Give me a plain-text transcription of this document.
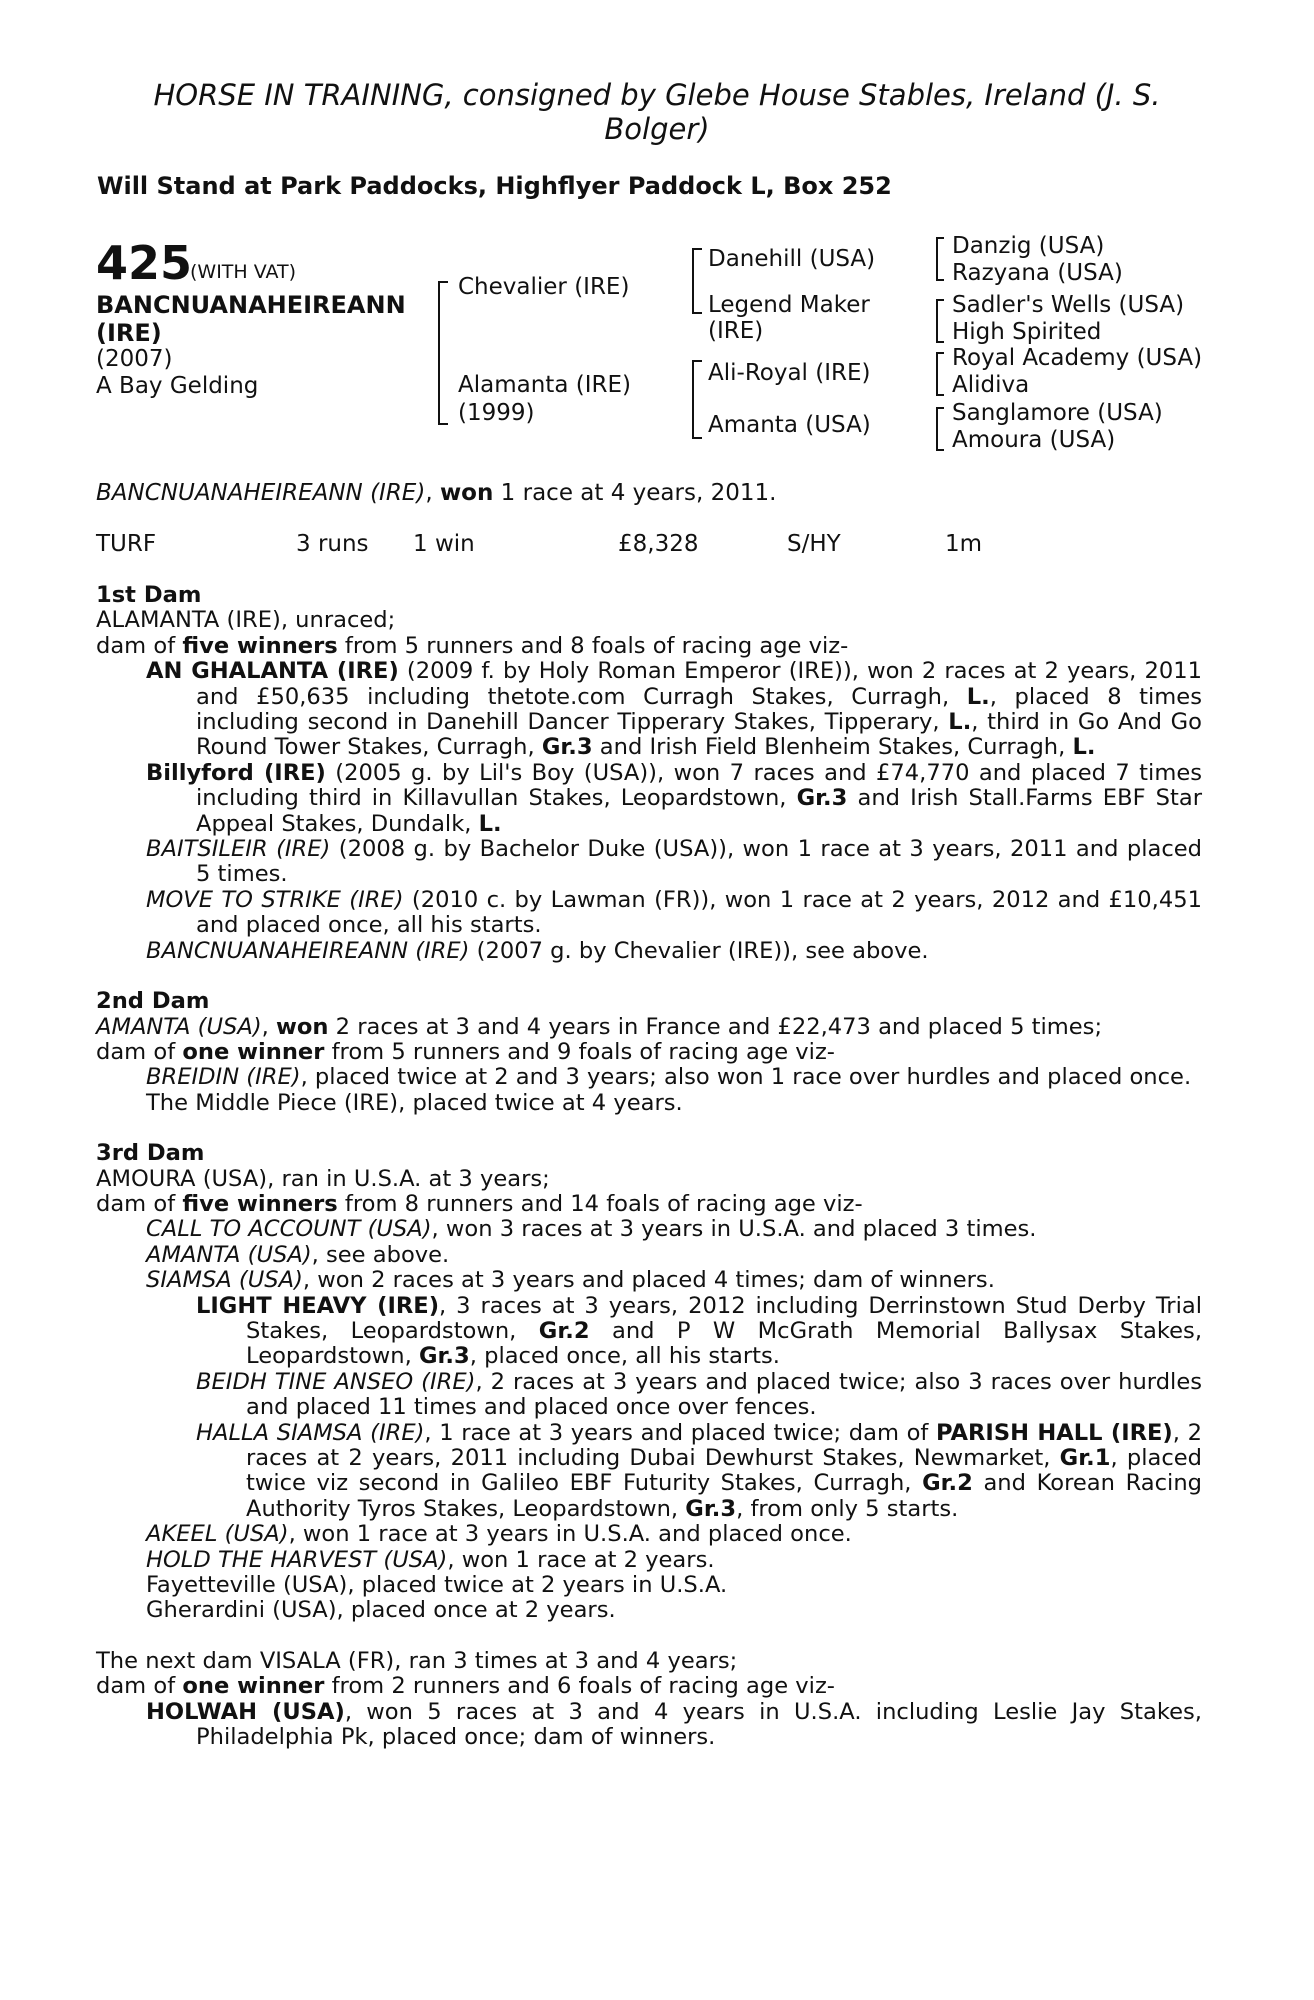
HORSE IN TRAINING, consigned by Glebe House Stables, Ireland (J. S. Bolger)
Will Stand at Park Paddocks, Highflyer Paddock L, Box 252
425
(WITH VAT)
BANCNUANAHEIREANN
(IRE)
(2007)
A Bay Gelding
Chevalier (IRE)
Alamanta (IRE)
(1999)
Danehill (USA)
Legend Maker
(IRE)
Ali-Royal (IRE)
Amanta (USA)
Danzig (USA)
Razyana (USA)
Sadler's Wells (USA)
High Spirited
Royal Academy (USA)
Alidiva
Sanglamore (USA)
Amoura (USA)
BANCNUANAHEIREANN (IRE), won 1 race at 4 years, 2011.
TURF	3 runs 1 win	£8,328	S/HY	1m

1st Dam

ALAMANTA (IRE), unraced;

dam of five winners from 5 runners and 8 foals of racing age viz-

AN GHALANTA (IRE) (2009 f. by Holy Roman Emperor (IRE)), won 2 races at 2 years, 2011 and £50,635 including thetote.com Curragh Stakes, Curragh, L., placed 8 times including second in Danehill Dancer Tipperary Stakes, Tipperary, L., third in Go And Go Round Tower Stakes, Curragh, Gr.3 and Irish Field Blenheim Stakes, Curragh, L.

Billyford (IRE) (2005 g. by Lil's Boy (USA)), won 7 races and £74,770 and placed 7 times including third in Killavullan Stakes, Leopardstown, Gr.3 and Irish Stall.Farms EBF Star Appeal Stakes, Dundalk, L.

BAITSILEIR (IRE) (2008 g. by Bachelor Duke (USA)), won 1 race at 3 years, 2011 and placed 5 times.

MOVE TO STRIKE (IRE) (2010 c. by Lawman (FR)), won 1 race at 2 years, 2012 and £10,451 and placed once, all his starts.

BANCNUANAHEIREANN (IRE) (2007 g. by Chevalier (IRE)), see above.

2nd Dam

AMANTA (USA), won 2 races at 3 and 4 years in France and £22,473 and placed 5 times;

dam of one winner from 5 runners and 9 foals of racing age viz-

BREIDIN (IRE), placed twice at 2 and 3 years; also won 1 race over hurdles and placed once.

The Middle Piece (IRE), placed twice at 4 years.

3rd Dam

AMOURA (USA), ran in U.S.A. at 3 years;

dam of five winners from 8 runners and 14 foals of racing age viz-

CALL TO ACCOUNT (USA), won 3 races at 3 years in U.S.A. and placed 3 times.

AMANTA (USA), see above.

SIAMSA (USA), won 2 races at 3 years and placed 4 times; dam of winners.

LIGHT HEAVY (IRE), 3 races at 3 years, 2012 including Derrinstown Stud Derby Trial Stakes, Leopardstown, Gr.2 and P W McGrath Memorial Ballysax Stakes, Leopardstown, Gr.3, placed once, all his starts.

BEIDH TINE ANSEO (IRE), 2 races at 3 years and placed twice; also 3 races over hurdles and placed 11 times and placed once over fences.

HALLA SIAMSA (IRE), 1 race at 3 years and placed twice; dam of PARISH HALL (IRE), 2 races at 2 years, 2011 including Dubai Dewhurst Stakes, Newmarket, Gr.1, placed twice viz second in Galileo EBF Futurity Stakes, Curragh, Gr.2 and Korean Racing Authority Tyros Stakes, Leopardstown, Gr.3, from only 5 starts.

AKEEL (USA), won 1 race at 3 years in U.S.A. and placed once.

HOLD THE HARVEST (USA), won 1 race at 2 years.

Fayetteville (USA), placed twice at 2 years in U.S.A.

Gherardini (USA), placed once at 2 years.

The next dam VISALA (FR), ran 3 times at 3 and 4 years;

dam of one winner from 2 runners and 6 foals of racing age viz-

HOLWAH (USA), won 5 races at 3 and 4 years in U.S.A. including Leslie Jay Stakes, Philadelphia Pk, placed once; dam of winners.
